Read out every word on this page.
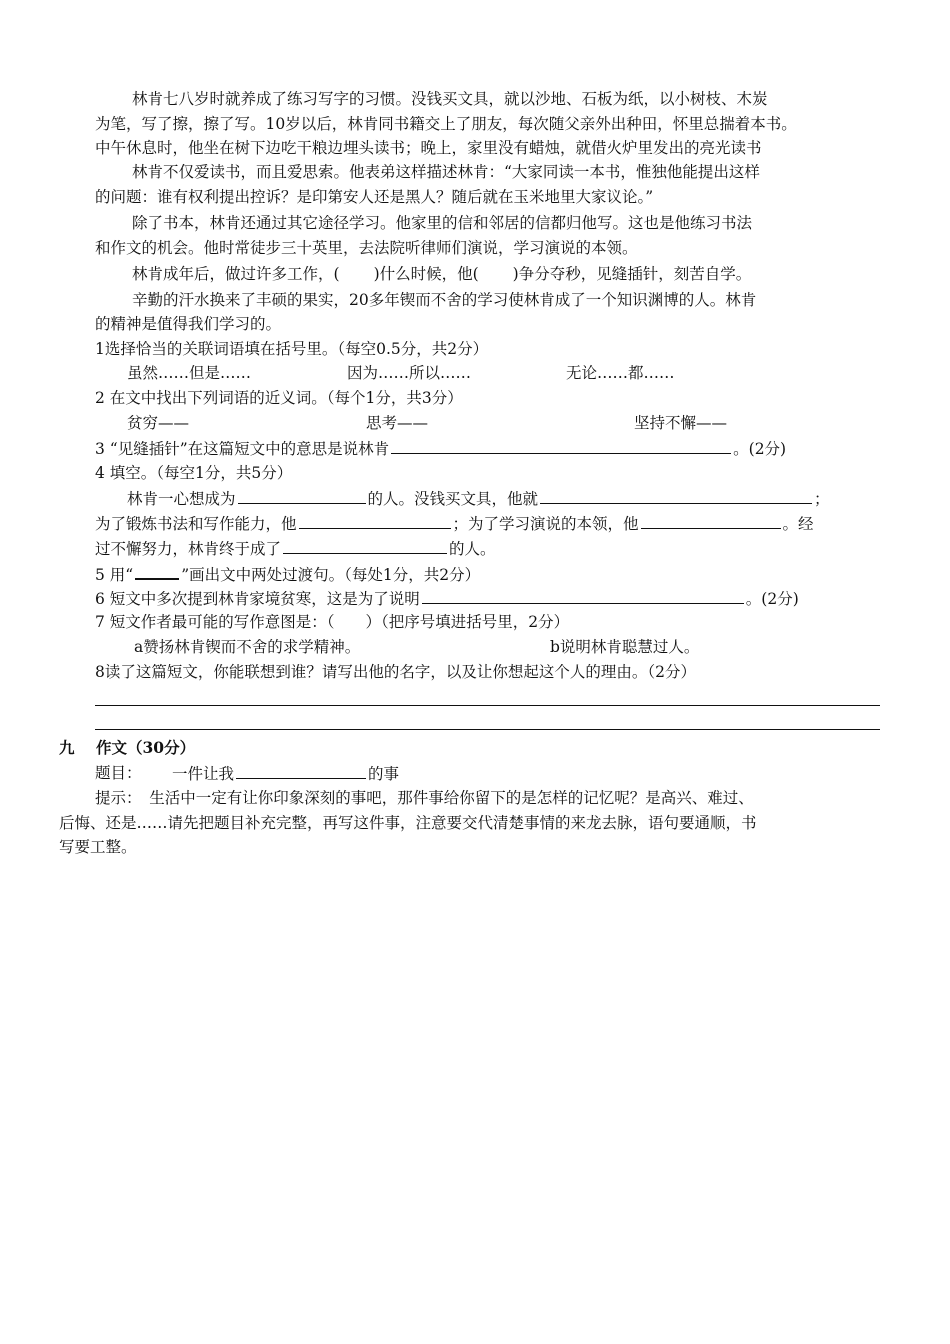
林肯七八岁时就养成了练习写字的习惯。没钱买文具，就以沙地、石板为纸，以小树枝、木炭
为笔，写了擦，擦了写。10岁以后，林肯同书籍交上了朋友，每次随父亲外出种田，怀里总揣着本书。
中午休息时，他坐在树下边吃干粮边埋头读书；晚上，家里没有蜡烛，就借火炉里发出的亮光读书
林肯不仅爱读书，而且爱思索。他表弟这样描述林肯：“大家同读一本书，惟独他能提出这样
的问题：谁有权利提出控诉？是印第安人还是黑人？随后就在玉米地里大家议论。”
除了书本，林肯还通过其它途径学习。他家里的信和邻居的信都归他写。这也是他练习书法
和作文的机会。他时常徒步三十英里，去法院听律师们演说，学习演说的本领。
林肯成年后，做过许多工作，( )什么时候，他( )争分夺秒，见缝插针，刻苦自学。
辛勤的汗水换来了丰硕的果实，20多年锲而不舍的学习使林肯成了一个知识渊博的人。林肯
的精神是值得我们学习的。
1选择恰当的关联词语填在括号里。（每空0.5分，共2分）
虽然……但是……	因为……所以……	无论……都……
2 在文中找出下列词语的近义词。（每个1分，共3分）
贫穷——	思考——	坚持不懈——
3 “见缝插针”在这篇短文中的意思是说林肯	。(2分)
4 填空。（每空1分，共5分）
林肯一心想成为	的人。没钱买文具，他就	；
为了锻炼书法和写作能力，他	；为了学习演说的本领，他	。经
过不懈努力，林肯终于成了	的人。
5 用“	”画出文中两处过渡句。（每处1分，共2分）
6 短文中多次提到林肯家境贫寒，这是为了说明	。(2分)
7 短文作者最可能的写作意图是：（　　）（把序号填进括号里，2分）
a赞扬林肯锲而不舍的求学精神。	b说明林肯聪慧过人。
8读了这篇短文，你能联想到谁？请写出他的名字，以及让你想起这个人的理由。（2分）
九 作文（30分）
题目： 一件让我	的事
提示：　生活中一定有让你印象深刻的事吧，那件事给你留下的是怎样的记忆呢？是高兴、难过、
后悔、还是……请先把题目补充完整，再写这件事，注意要交代清楚事情的来龙去脉，语句要通顺，书
写要工整。
